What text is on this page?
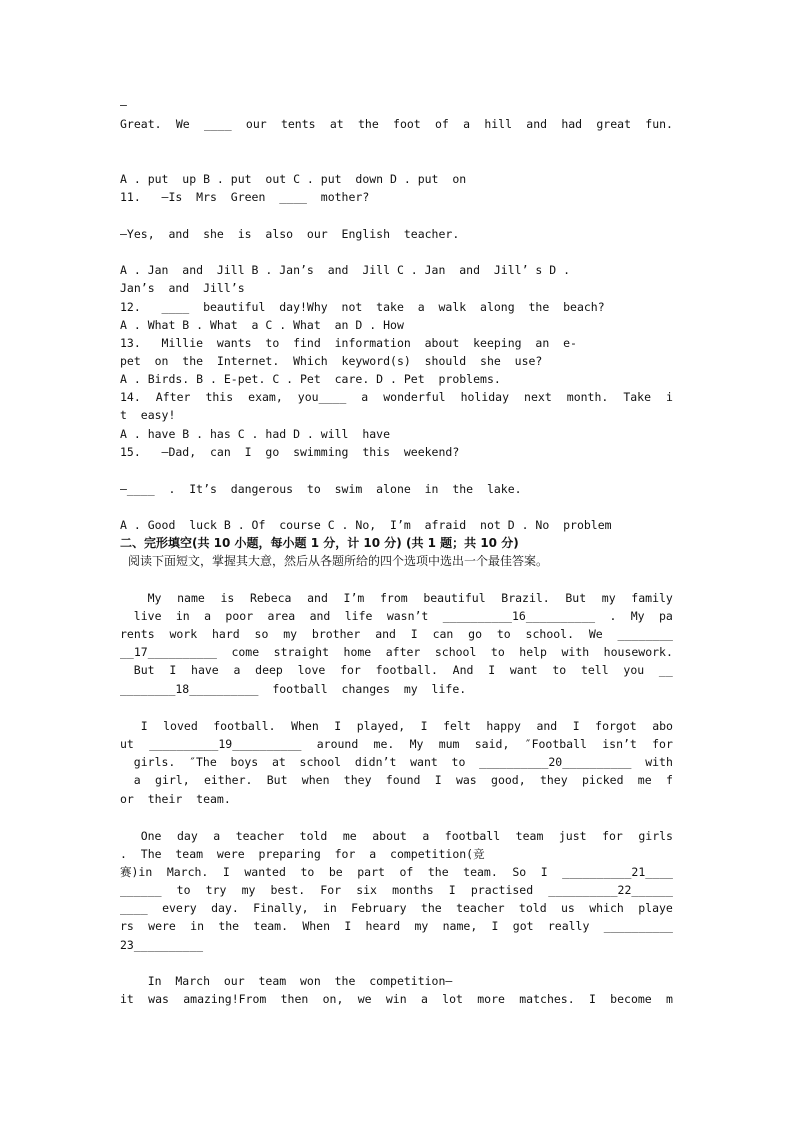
—
Great. We ____ our tents at the foot of a hill and had great fun.
A . put  up B . put  out C . put  down D . put  on
11.   —Is  Mrs  Green  ____  mother?
—Yes,  and  she  is  also  our  English  teacher.
A . Jan  and  Jill B . Jan’s  and  Jill C . Jan  and  Jill’ s D .
Jan’s  and  Jill’s
12.   ____  beautiful  day!Why  not  take  a  walk  along  the  beach?
A . What B . What  a C . What  an D . How
13.   Millie  wants  to  find  information  about  keeping  an  e-
pet  on  the  Internet.  Which  keyword(s)  should  she  use?
A . Birds. B . E-pet. C . Pet  care. D . Pet  problems.
14. After this exam, you____ a wonderful holiday next month. Take i
t  easy!
A . have B . has C . had D . will  have
15.   —Dad,  can  I  go  swimming  this  weekend?
—____  .  It’s  dangerous  to  swim  alone  in  the  lake.
A . Good  luck B . Of  course C . No,  I’m  afraid  not D . No  problem
二、完形填空(共 10 小题，每小题 1 分，计 10 分) (共 1 题；共 10 分)
阅读下面短文，掌握其大意，然后从各题所给的四个选项中选出一个最佳答案。
My name is Rebeca and I’m from beautiful Brazil. But my family
live in a poor area and life wasn’t __________16__________ . My pa
rents work hard so my brother and I can go to school. We ________
__17__________ come straight home after school to help with housework.
But I have a deep love for football. And I want to tell you __
________18__________  football  changes  my  life.
I loved football. When I played, I felt happy and I forgot abo
ut __________19__________ around me. My mum said, ″Football isn’t for
girls. ″The boys at school didn’t want to __________20__________ with
a girl, either. But when they found I was good, they picked me f
or  their  team.
One day a teacher told me about a football team just for girls
.  The  team  were  preparing  for  a  competition(竞
赛)in March. I wanted to be part of the team. So I __________21____
______ to try my best. For six months I practised __________22______
____ every day. Finally, in February the teacher told us which playe
rs were in the team. When I heard my name, I got really __________
23__________
In  March  our  team  won  the  competition—
it was amazing!From then on, we win a lot more matches. I become m
